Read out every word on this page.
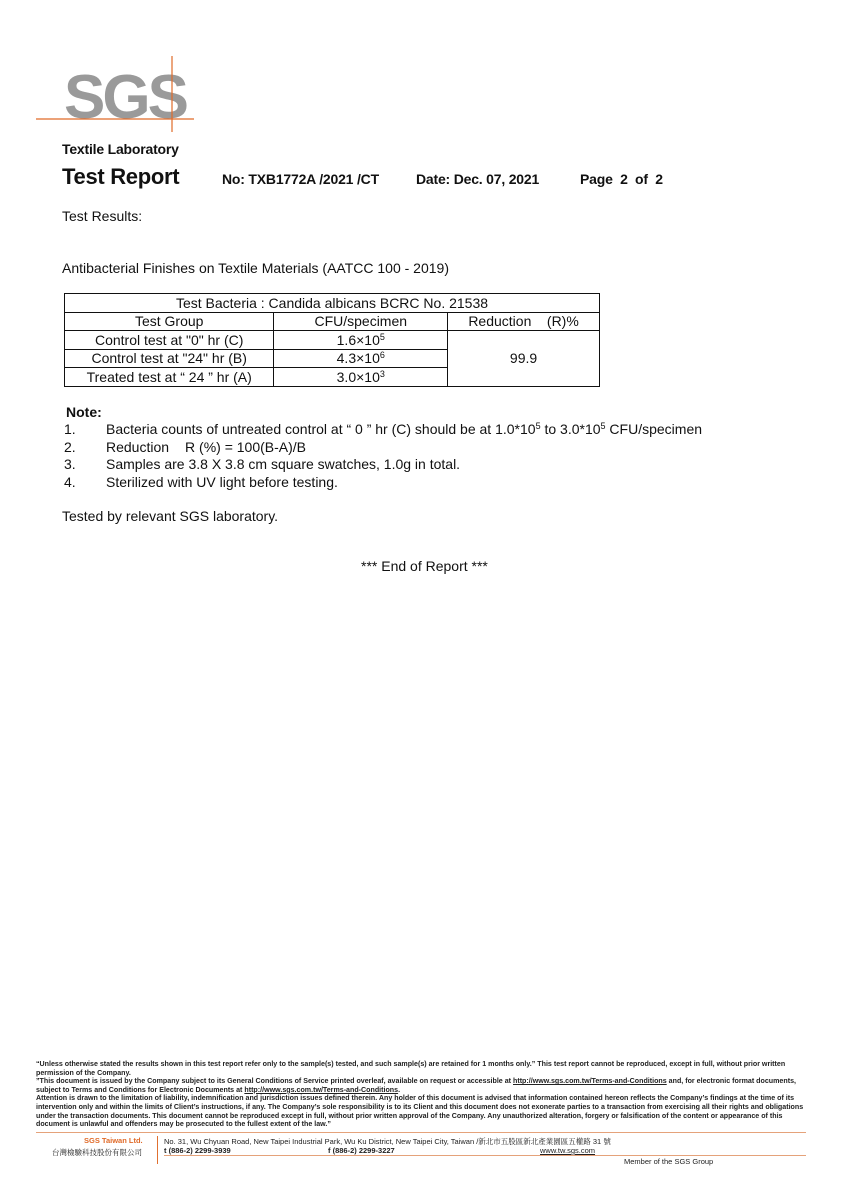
SGS
Textile Laboratory
Test Report	No: TXB1772A /2021 /CT	Date: Dec. 07, 2021	Page 2 of 2
Test Results:
Antibacterial Finishes on Textile Materials (AATCC 100 - 2019)
Test Bacteria : Candida albicans BCRC No. 21538		
Test Group	CFU/specimen	Reduction    (R)%
Control test at "0" hr (C)	$1.6\times 10^5$	99.9
Control test at "24" hr (B)	$4.3\times 10^6$
Treated test at “ 24 ” hr (A)	$3.0\times 10^3$
Note:
1. Bacteria counts of untreated control at “ 0 ” hr (C) should be at $1.0*10^5$ to $3.0*10^5$ CFU/specimen
2. Reduction R (%) = 100(B-A)/B
3. Samples are 3.8 X 3.8 cm square swatches, 1.0g in total.
4. Sterilized with UV light before testing.
Tested by relevant SGS laboratory.
*** End of Report ***

“Unless otherwise stated the results shown in this test report refer only to the sample(s) tested, and such sample(s) are retained for 1 months only.” This test report cannot be reproduced, except in full, without prior written permission of the Company.

”This document is issued by the Company subject to its General Conditions of Service printed overleaf, available on request or accessible at http://www.sgs.com.tw/Terms-and-Conditions and, for electronic format documents, subject to Terms and Conditions for Electronic Documents at http://www.sgs.com.tw/Terms-and-Conditions.

Attention is drawn to the limitation of liability, indemnification and jurisdiction issues defined therein. Any holder of this document is advised that information contained hereon reflects the Company’s findings at the time of its intervention only and within the limits of Client’s instructions, if any. The Company’s sole responsibility is to its Client and this document does not exonerate parties to a transaction from exercising all their rights and obligations under the transaction documents. This document cannot be reproduced except in full, without prior written approval of the Company. Any unauthorized alteration, forgery or falsification of the content or appearance of this document is unlawful and offenders may be prosecuted to the fullest extent of the law.”

SGS Taiwan Ltd.
台灣檢驗科技股份有限公司
No. 31, Wu Chyuan Road, New Taipei Industrial Park, Wu Ku District, New Taipei City, Taiwan /新北市五股區新北產業園區五權路 31 號
t (886-2) 2299-3939	f (886-2) 2299-3227	www.tw.sgs.com
Member of the SGS Group
